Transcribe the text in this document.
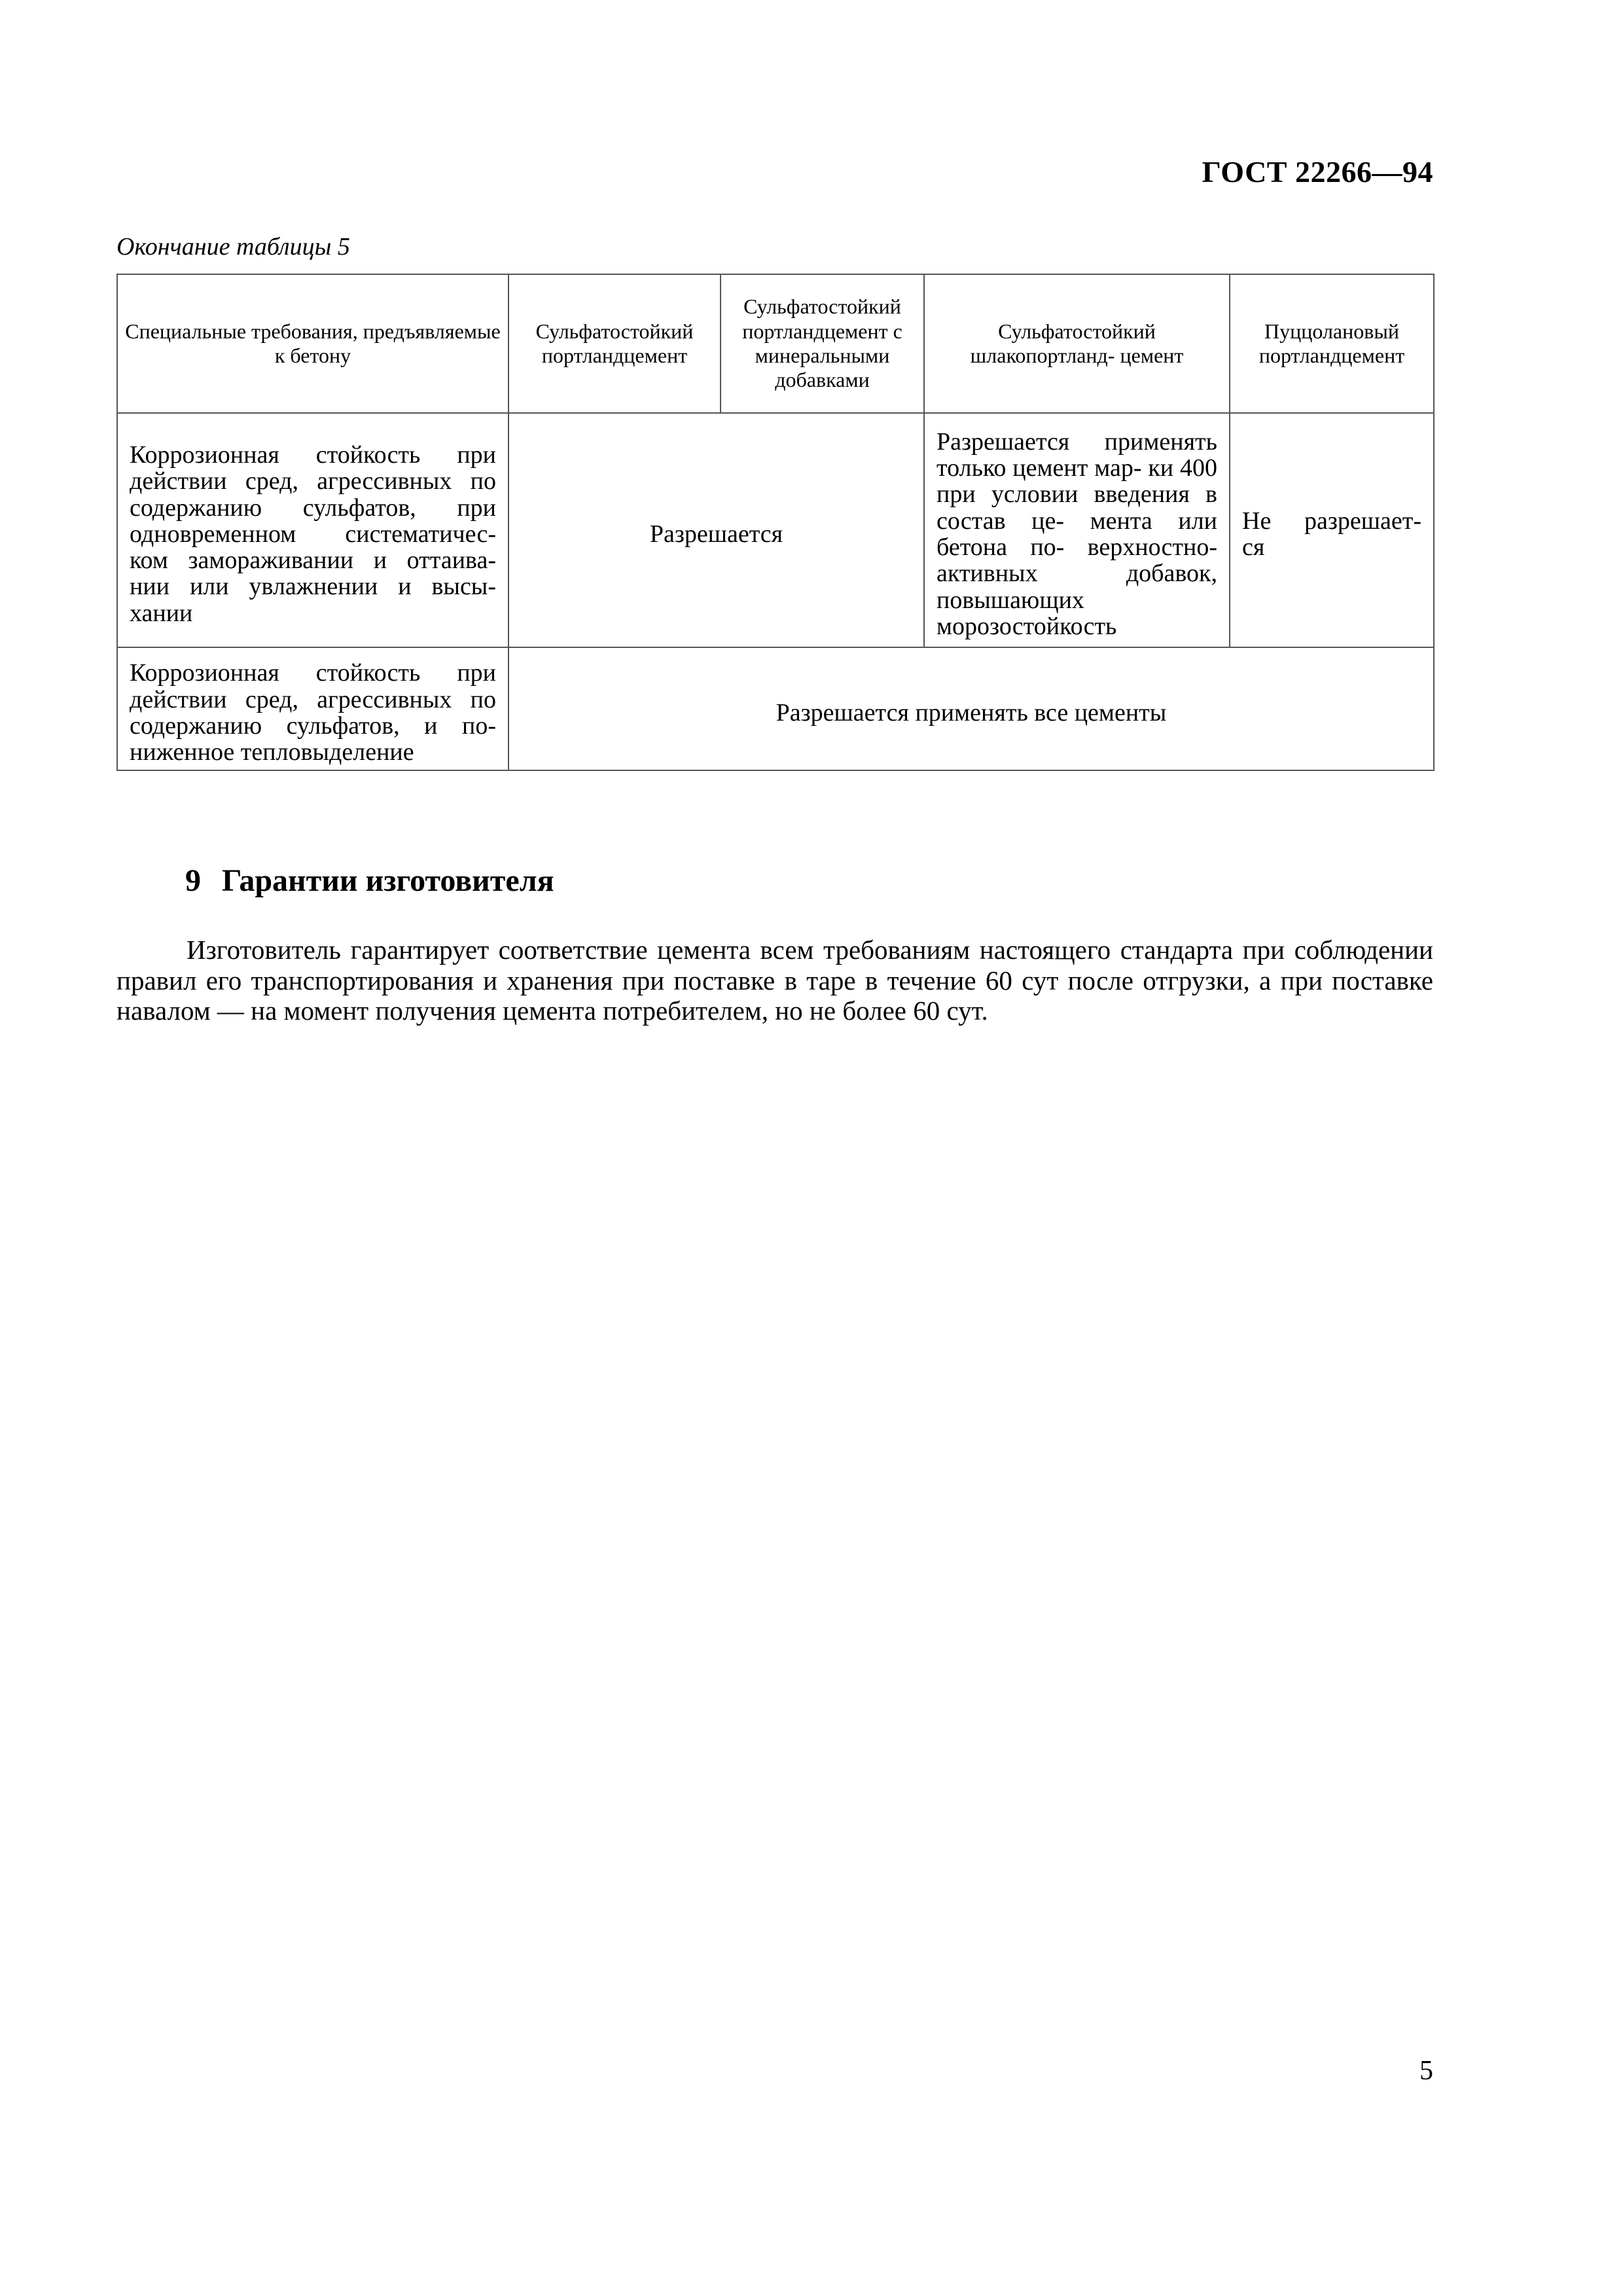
ГОСТ 22266—94
Окончание таблицы 5
Специальные требования, предъявляемые к бетону	Сульфатостойкий портландцемент	Сульфатостойкий портландцемент с минеральными добавками	Сульфатостойкий шлакопортланд- цемент	Пуццолановый портландцемент
Коррозионная стойкость при действии сред, агрессивных по содержанию сульфатов, при одновременном систематичес- ком замораживании и оттаива- нии или увлажнении и высы- хании	Разрешается		Разрешается применять только цемент мар- ки 400 при условии введения в состав це- мента или бетона по- верхностно-активных добавок, повышающих морозостойкость	Не разрешает- ся
Коррозионная стойкость при действии сред, агрессивных по содержанию сульфатов, и по- ниженное тепловыделение	Разрешается применять все цементы			
9 Гарантии изготовителя

Изготовитель гарантирует соответствие цемента всем требованиям настоящего стандарта при соблюдении правил его транспортирования и хранения при поставке в таре в течение 60 сут после отгрузки, а при поставке навалом — на момент получения цемента потребителем, но не более 60 сут.

5
